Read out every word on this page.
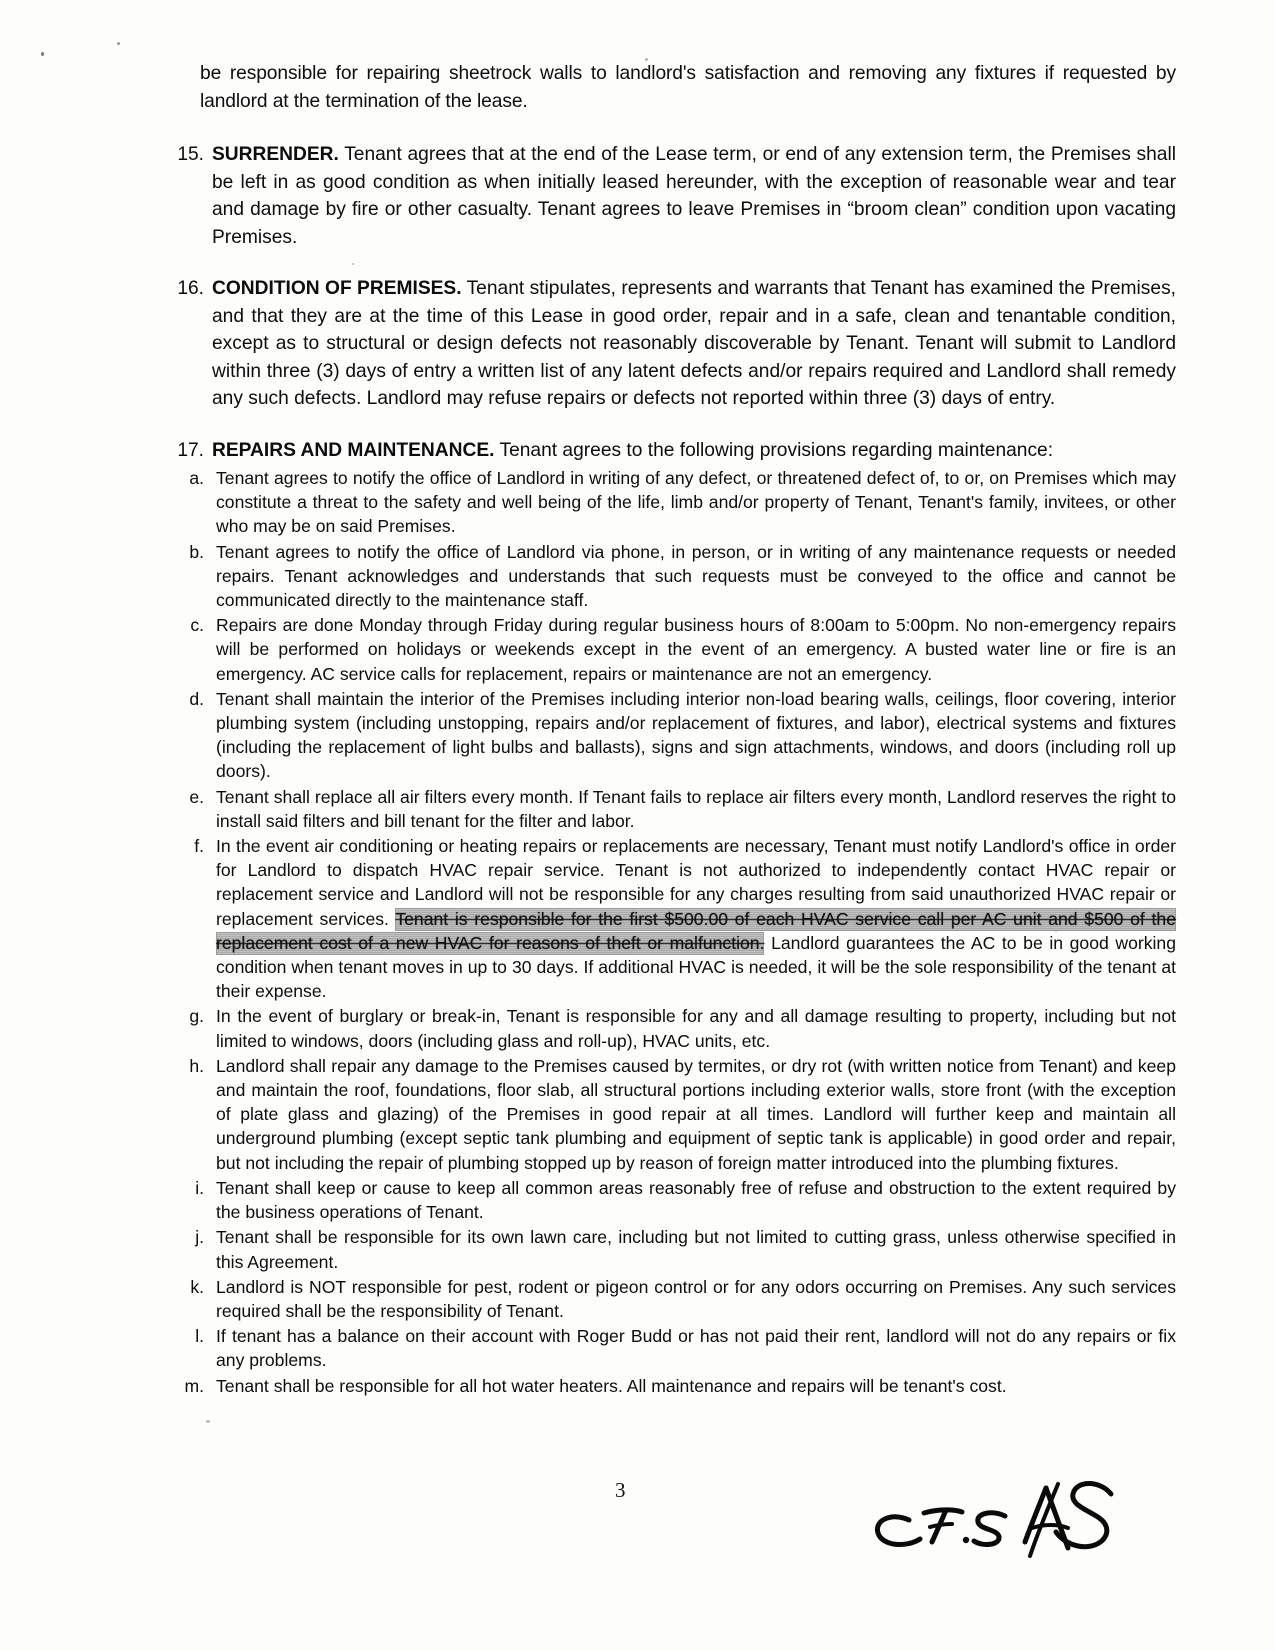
be responsible for repairing sheetrock walls to landlord's satisfaction and removing any fixtures if requested by landlord at the termination of the lease.

15. SURRENDER. Tenant agrees that at the end of the Lease term, or end of any extension term, the Premises shall be left in as good condition as when initially leased hereunder, with the exception of reasonable wear and tear and damage by fire or other casualty. Tenant agrees to leave Premises in “broom clean” condition upon vacating Premises.
16. CONDITION OF PREMISES. Tenant stipulates, represents and warrants that Tenant has examined the Premises, and that they are at the time of this Lease in good order, repair and in a safe, clean and tenantable condition, except as to structural or design defects not reasonably discoverable by Tenant. Tenant will submit to Landlord within three (3) days of entry a written list of any latent defects and/or repairs required and Landlord shall remedy any such defects. Landlord may refuse repairs or defects not reported within three (3) days of entry.
17. REPAIRS AND MAINTENANCE. Tenant agrees to the following provisions regarding maintenance:
a. Tenant agrees to notify the office of Landlord in writing of any defect, or threatened defect of, to or, on Premises which may constitute a threat to the safety and well being of the life, limb and/or property of Tenant, Tenant's family, invitees, or other who may be on said Premises.
b. Tenant agrees to notify the office of Landlord via phone, in person, or in writing of any maintenance requests or needed repairs. Tenant acknowledges and understands that such requests must be conveyed to the office and cannot be communicated directly to the maintenance staff.
c. Repairs are done Monday through Friday during regular business hours of 8:00am to 5:00pm. No non-emergency repairs will be performed on holidays or weekends except in the event of an emergency. A busted water line or fire is an emergency. AC service calls for replacement, repairs or maintenance are not an emergency.
d. Tenant shall maintain the interior of the Premises including interior non-load bearing walls, ceilings, floor covering, interior plumbing system (including unstopping, repairs and/or replacement of fixtures, and labor), electrical systems and fixtures (including the replacement of light bulbs and ballasts), signs and sign attachments, windows, and doors (including roll up doors).
e. Tenant shall replace all air filters every month. If Tenant fails to replace air filters every month, Landlord reserves the right to install said filters and bill tenant for the filter and labor.
f. In the event air conditioning or heating repairs or replacements are necessary, Tenant must notify Landlord's office in order for Landlord to dispatch HVAC repair service. Tenant is not authorized to independently contact HVAC repair or replacement service and Landlord will not be responsible for any charges resulting from said unauthorized HVAC repair or replacement services. Tenant is responsible for the first $500.00 of each HVAC service call per AC unit and $500 of the replacement cost of a new HVAC for reasons of theft or malfunction. Landlord guarantees the AC to be in good working condition when tenant moves in up to 30 days. If additional HVAC is needed, it will be the sole responsibility of the tenant at their expense.
g. In the event of burglary or break-in, Tenant is responsible for any and all damage resulting to property, including but not limited to windows, doors (including glass and roll-up), HVAC units, etc.
h. Landlord shall repair any damage to the Premises caused by termites, or dry rot (with written notice from Tenant) and keep and maintain the roof, foundations, floor slab, all structural portions including exterior walls, store front (with the exception of plate glass and glazing) of the Premises in good repair at all times. Landlord will further keep and maintain all underground plumbing (except septic tank plumbing and equipment of septic tank is applicable) in good order and repair, but not including the repair of plumbing stopped up by reason of foreign matter introduced into the plumbing fixtures.
i. Tenant shall keep or cause to keep all common areas reasonably free of refuse and obstruction to the extent required by the business operations of Tenant.
j. Tenant shall be responsible for its own lawn care, including but not limited to cutting grass, unless otherwise specified in this Agreement.
k. Landlord is NOT responsible for pest, rodent or pigeon control or for any odors occurring on Premises. Any such services required shall be the responsibility of Tenant.
l. If tenant has a balance on their account with Roger Budd or has not paid their rent, landlord will not do any repairs or fix any problems.
m. Tenant shall be responsible for all hot water heaters. All maintenance and repairs will be tenant's cost.
3
